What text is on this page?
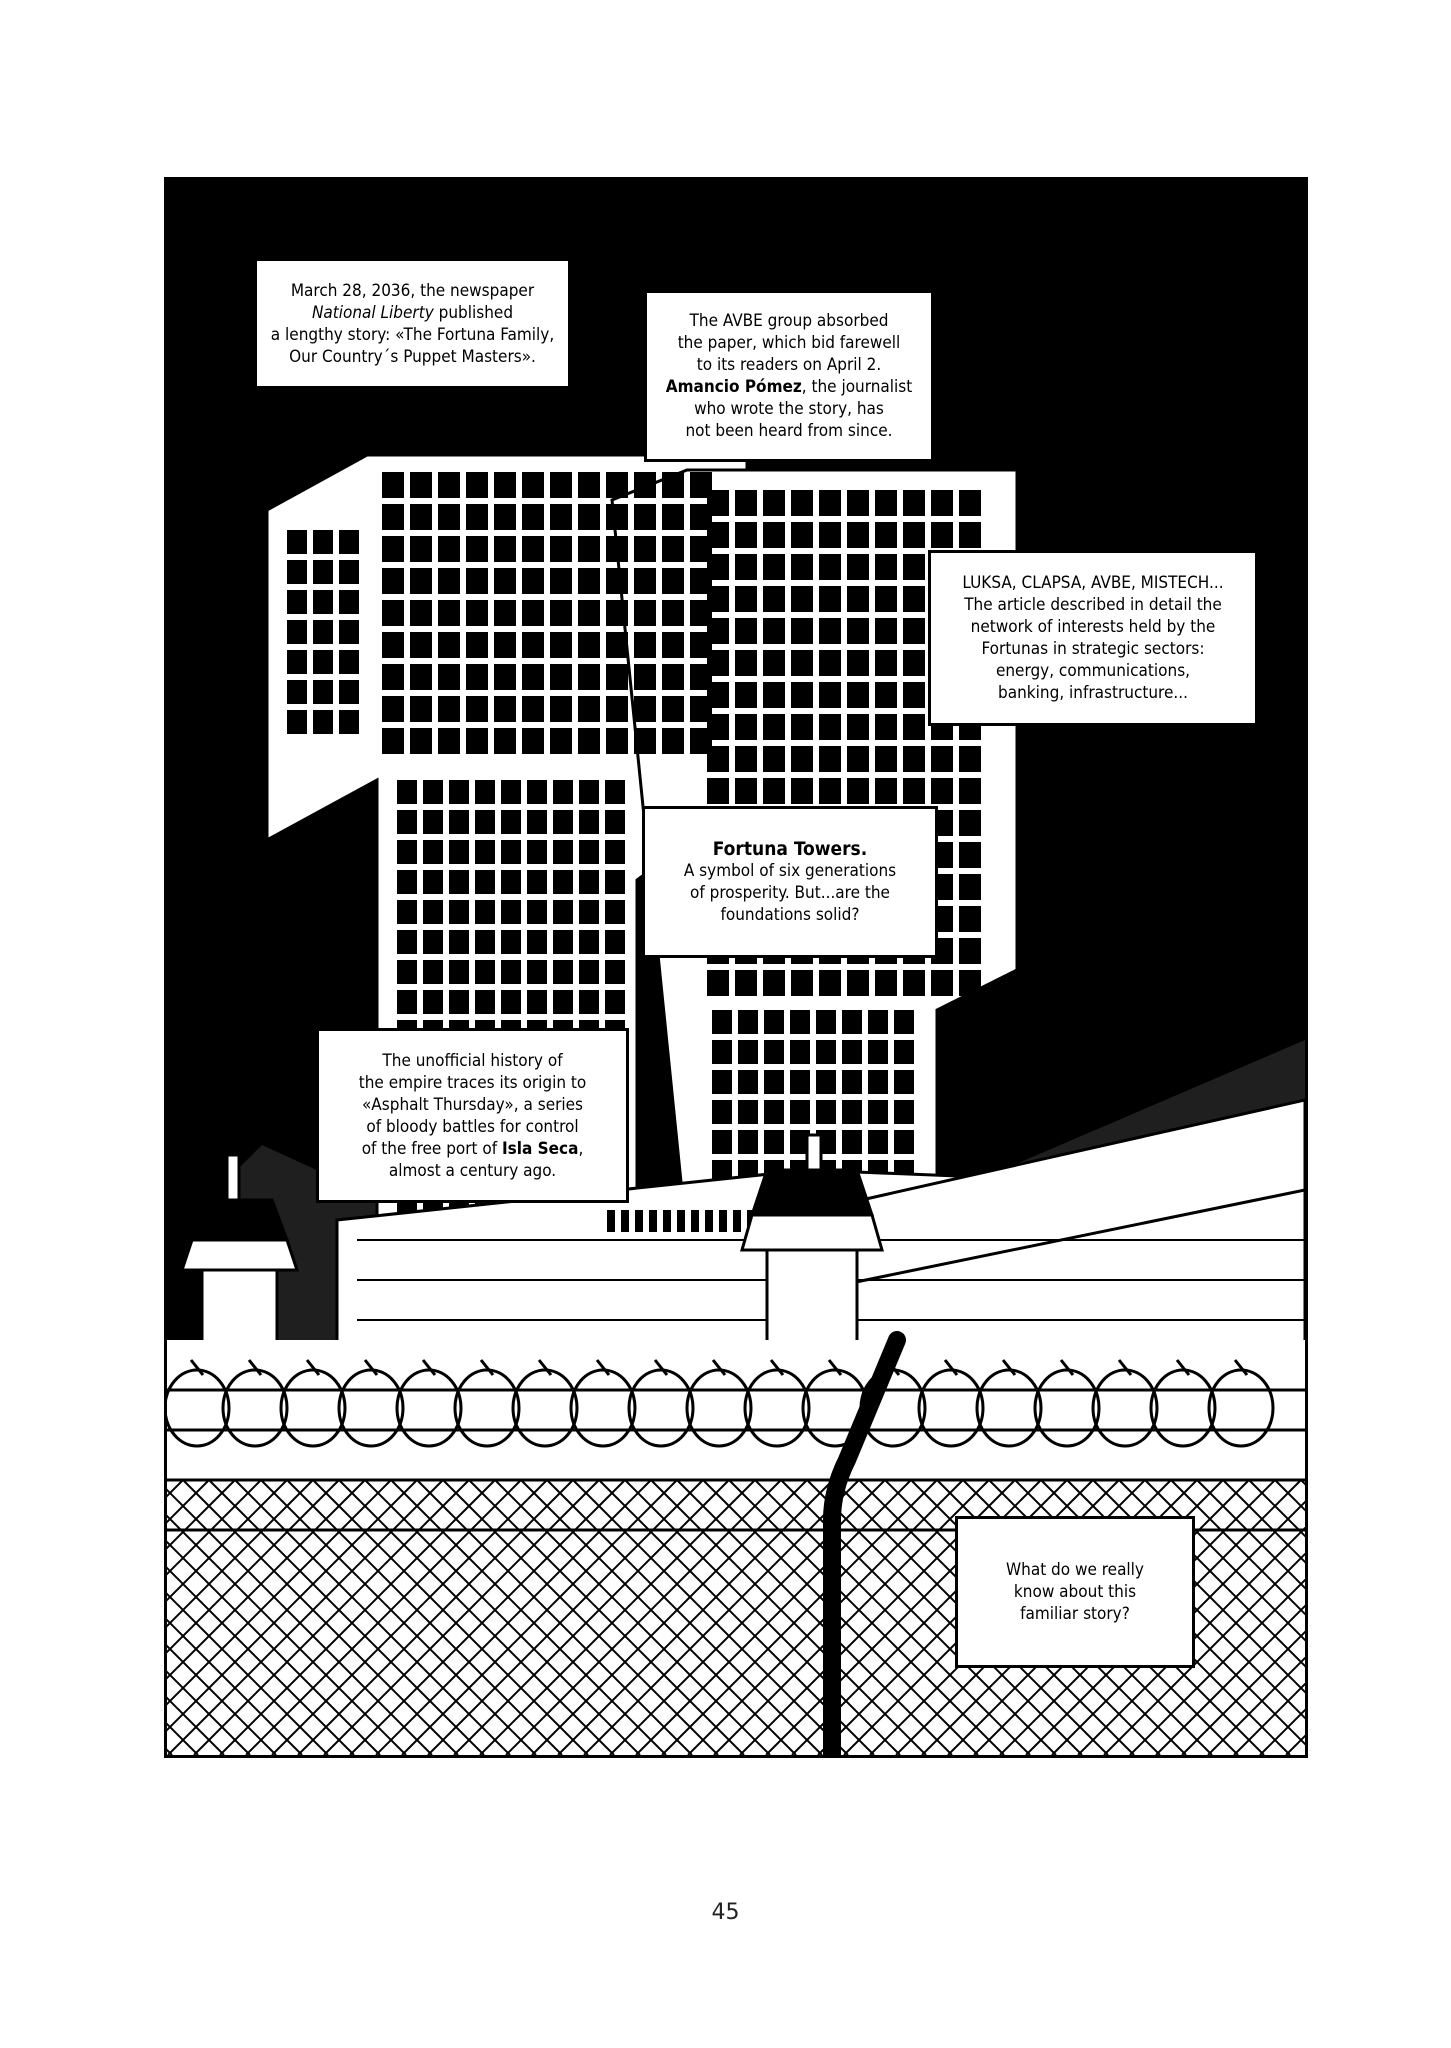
March 28, 2036, the newspaper
National Liberty published
a lengthy story: «The Fortuna Family,
Our Country´s Puppet Masters».
The AVBE group absorbed
the paper, which bid farewell
to its readers on April 2.
Amancio Pómez, the journalist
who wrote the story, has
not been heard from since.
LUKSA, CLAPSA, AVBE, MISTECH...
The article described in detail the
network of interests held by the
Fortunas in strategic sectors:
energy, communications,
banking, infrastructure...
Fortuna Towers.
A symbol of six generations
of prosperity. But...are the
foundations solid?
The unofficial history of
the empire traces its origin to
«Asphalt Thursday», a series
of bloody battles for control
of the free port of Isla Seca,
almost a century ago.
What do we really
know about this
familiar story?
45
